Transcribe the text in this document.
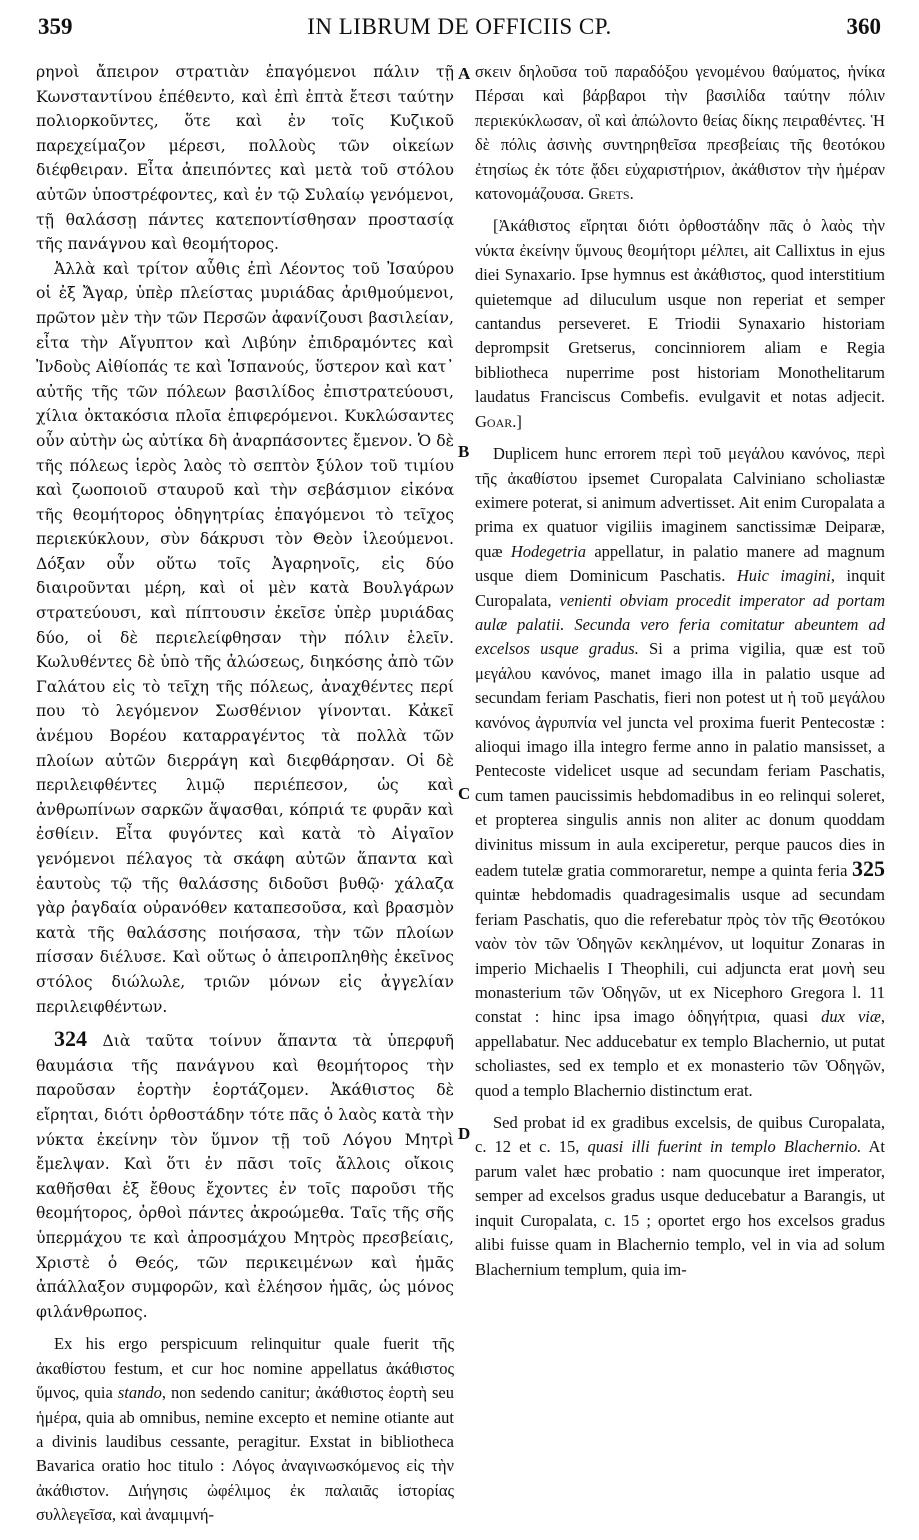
359	IN LIBRUM DE OFFICIIS CP.	360

ρηνοὶ ἄπειρον στρατιὰν ἐπαγόμενοι πάλιν τῇ Κωνσταντίνου ἐπέθεντο, καὶ ἐπὶ ἑπτὰ ἔτεσι ταύτην πολιορκοῦντες, ὅτε καὶ ἐν τοῖς Κυζικοῦ παρεχείμαζον μέρεσι, πολλοὺς τῶν οἰκείων διέφθειραν. Εἶτα ἀπειπόντες καὶ μετὰ τοῦ στόλου αὐτῶν ὑποστρέφοντες, καὶ ἐν τῷ Συλαίῳ γενόμενοι, τῇ θαλάσσῃ πάντες κατεποντίσθησαν προστασίᾳ τῆς πανάγνου καὶ θεομήτορος.

Ἀλλὰ καὶ τρίτον αὖθις ἐπὶ Λέοντος τοῦ Ἰσαύρου οἱ ἐξ Ἄγαρ, ὑπὲρ πλείστας μυριάδας ἀριθμούμενοι, πρῶτον μὲν τὴν τῶν Περσῶν ἀφανίζουσι βασιλείαν, εἶτα τὴν Αἴγυπτον καὶ Λιβύην ἐπιδραμόντες καὶ Ἰνδοὺς Αἰθίοπάς τε καὶ Ἱσπανούς, ὕστερον καὶ κατ᾽ αὐτῆς τῆς τῶν πόλεων βασιλίδος ἐπιστρατεύουσι, χίλια ὀκτακόσια πλοῖα ἐπιφερόμενοι. Κυκλώσαντες οὖν αὐτὴν ὡς αὐτίκα δὴ ἀναρπάσοντες ἔμενον. Ὁ δὲ τῆς πόλεως ἱερὸς λαὸς τὸ σεπτὸν ξύλον τοῦ τιμίου καὶ ζωοποιοῦ σταυροῦ καὶ τὴν σεβάσμιον εἰκόνα τῆς θεομήτορος ὁδηγητρίας ἐπαγόμενοι τὸ τεῖχος περιεκύκλουν, σὺν δάκρυσι τὸν Θεὸν ἱλεούμενοι. Δόξαν οὖν οὕτω τοῖς Ἀγαρηνοῖς, εἰς δύο διαιροῦνται μέρη, καὶ οἱ μὲν κατὰ Βουλγάρων στρατεύουσι, καὶ πίπτουσιν ἐκεῖσε ὑπὲρ μυριάδας δύο, οἱ δὲ περιελείφθησαν τὴν πόλιν ἑλεῖν. Κωλυθέντες δὲ ὑπὸ τῆς ἁλώσεως, διηκόσης ἀπὸ τῶν Γαλάτου εἰς τὸ τεῖχη τῆς πόλεως, ἀναχθέντες περί που τὸ λεγόμενον Σωσθένιον γίνονται. Κἀκεῖ ἀνέμου Βορέου καταρραγέντος τὰ πολλὰ τῶν πλοίων αὐτῶν διερράγη καὶ διεφθάρησαν. Οἱ δὲ περιλειφθέντες λιμῷ περιέπεσον, ὡς καὶ ἀνθρωπίνων σαρκῶν ἅψασθαι, κόπριά τε φυρᾶν καὶ ἐσθίειν. Εἶτα φυγόντες καὶ κατὰ τὸ Αἰγαῖον γενόμενοι πέλαγος τὰ σκάφη αὐτῶν ἅπαντα καὶ ἑαυτοὺς τῷ τῆς θαλάσσης διδοῦσι βυθῷ· χάλαζα γὰρ ῥαγδαία οὐρανόθεν καταπεσοῦσα, καὶ βρασμὸν κατὰ τῆς θαλάσσης ποιήσασα, τὴν τῶν πλοίων πίσσαν διέλυσε. Καὶ οὕτως ὁ ἀπειροπληθὴς ἐκεῖνος στόλος διώλωλε, τριῶν μόνων εἰς ἀγγελίαν περιλειφθέντων.

324 Διὰ ταῦτα τοίνυν ἅπαντα τὰ ὑπερφυῆ θαυμάσια τῆς πανάγνου καὶ θεομήτορος τὴν παροῦσαν ἑορτὴν ἑορτάζομεν. Ἀκάθιστος δὲ εἴρηται, διότι ὀρθοστάδην τότε πᾶς ὁ λαὸς κατὰ τὴν νύκτα ἐκείνην τὸν ὕμνον τῇ τοῦ Λόγου Μητρὶ ἔμελψαν. Καὶ ὅτι ἐν πᾶσι τοῖς ἄλλοις οἴκοις καθῆσθαι ἐξ ἔθους ἔχοντες ἐν τοῖς παροῦσι τῆς θεομήτορος, ὀρθοὶ πάντες ἀκροώμεθα. Ταῖς τῆς σῆς ὑπερμάχου τε καὶ ἀπροσμάχου Μητρὸς πρεσβείαις, Χριστὲ ὁ Θεός, τῶν περικειμένων καὶ ἡμᾶς ἀπάλλαξον συμφορῶν, καὶ ἐλέησον ἡμᾶς, ὡς μόνος φιλάνθρωπος.

Ex his ergo perspicuum relinquitur quale fuerit τῆς ἀκαθίστου festum, et cur hoc nomine appellatus ἀκάθιστος ὕμνος, quia stando, non sedendo canitur; ἀκάθιστος ἑορτὴ seu ἡμέρα, quia ab omnibus, nemine excepto et nemine otiante aut a divinis laudibus cessante, peragitur. Exstat in bibliotheca Bavarica oratio hoc titulo : Λόγος ἀναγινωσκόμενος εἰς τὴν ἀκάθιστον. Διήγησις ὠφέλιμος ἐκ παλαιᾶς ἱστορίας συλλεγεῖσα, καὶ ἀναμιμνή-

σκειν δηλοῦσα τοῦ παραδόξου γενομένου θαύματος, ἡνίκα Πέρσαι καὶ βάρβαροι τὴν βασιλίδα ταύτην πόλιν περιεκύκλωσαν, οἳ καὶ ἀπώλοντο θείας δίκης πειραθέντες. Ἡ δὲ πόλις ἀσινὴς συντηρηθεῖσα πρεσβείαις τῆς θεοτόκου ἐτησίως ἐκ τότε ᾄδει εὐχαριστήριον, ἀκάθιστον τὴν ἡμέραν κατονομάζουσα. Grets.

[Ἀκάθιστος εἴρηται διότι ὀρθοστάδην πᾶς ὁ λαὸς τὴν νύκτα ἐκείνην ὕμνους θεομήτορι μέλπει, ait Callixtus in ejus diei Synaxario. Ipse hymnus est ἀκάθιστος, quod interstitium quietemque ad diluculum usque non reperiat et semper cantandus perseveret. E Triodii Synaxario historiam deprompsit Gretserus, concinniorem aliam e Regia bibliotheca nuperrime post historiam Monothelitarum laudatus Franciscus Combefis. evulgavit et notas adjecit. Goar.]

Duplicem hunc errorem περὶ τοῦ μεγάλου κανόνος, περὶ τῆς ἀκαθίστου ipsemet Curopalata Calviniano scholiastæ eximere poterat, si animum advertisset. Ait enim Curopalata a prima ex quatuor vigiliis imaginem sanctissimæ Deiparæ, quæ Hodegetria appellatur, in palatio manere ad magnum usque diem Dominicum Paschatis. Huic imagini, inquit Curopalata, venienti obviam procedit imperator ad portam aulæ palatii. Secunda vero feria comitatur abeuntem ad excelsos usque gradus. Si a prima vigilia, quæ est τοῦ μεγάλου κανόνος, manet imago illa in palatio usque ad secundam feriam Paschatis, fieri non potest ut ἡ τοῦ μεγάλου κανόνος ἀγρυπνία vel juncta vel proxima fuerit Pentecostæ : alioqui imago illa integro ferme anno in palatio mansisset, a Pentecoste videlicet usque ad secundam feriam Paschatis, cum tamen paucissimis hebdomadibus in eo relinqui soleret, et propterea singulis annis non aliter ac donum quoddam divinitus missum in aula exciperetur, perque paucos dies in eadem tutelæ gratia commoraretur, nempe a quinta feria 325 quintæ hebdomadis quadragesimalis usque ad secundam feriam Paschatis, quo die referebatur πρὸς τὸν τῆς Θεοτόκου ναὸν τὸν τῶν Ὁδηγῶν κεκλημένον, ut loquitur Zonaras in imperio Michaelis I Theophili, cui adjuncta erat μονὴ seu monasterium τῶν Ὁδηγῶν, ut ex Nicephoro Gregora l. 11 constat : hinc ipsa imago ὁδηγήτρια, quasi dux viæ, appellabatur. Nec adducebatur ex templo Blachernio, ut putat scholiastes, sed ex templo et ex monasterio τῶν Ὁδηγῶν, quod a templo Blachernio distinctum erat.

Sed probat id ex gradibus excelsis, de quibus Curopalata, c. 12 et c. 15, quasi illi fuerint in templo Blachernio. At parum valet hæc probatio : nam quocunque iret imperator, semper ad excelsos gradus usque deducebatur a Barangis, ut inquit Curopalata, c. 15 ; oportet ergo hos excelsos gradus alibi fuisse quam in Blachernio templo, vel in via ad solum Blachernium templum, quia im-

A
B
C
D
